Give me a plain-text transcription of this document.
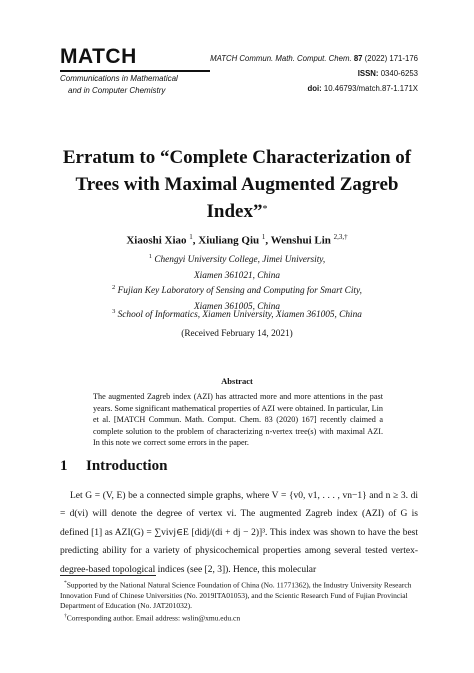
MATCH
Communications in Mathematical
and in Computer Chemistry
MATCH Commun. Math. Comput. Chem. 87 (2022) 171-176
ISSN: 0340-6253
doi: 10.46793/match.87-1.171X
Erratum to “Complete Characterization of
Trees with Maximal Augmented Zagreb
Index”*
Xiaoshi Xiao $^1$, Xiuliang Qiu $^1$, Wenshui Lin $^{2,3,\dagger}$
$^1$ Chengyi University College, Jimei University,
Xiamen 361021, China
$^2$ Fujian Key Laboratory of Sensing and Computing for Smart City,
Xiamen 361005, China
$^3$ School of Informatics, Xiamen University, Xiamen 361005, China
(Received February 14, 2021)
Abstract
The augmented Zagreb index (AZI) has attracted more and more attentions in the past years. Some significant mathematical properties of AZI were obtained. In particular, Lin et al. [MATCH Commun. Math. Comput. Chem. 83 (2020) 167] recently claimed a complete solution to the problem of characterizing n-vertex tree(s) with maximal AZI. In this note we correct some errors in the paper.
1 Introduction

Let G = (V, E) be a connected simple graphs, where V = {v0, v1, . . . , vn−1} and n ≥ 3. di = d(vi) will denote the degree of vertex vi. The augmented Zagreb index (AZI) of G is defined [1] as AZI(G) = ∑vivj∈E [didj/(di + dj − 2)]³. This index was shown to have the best predicting ability for a variety of physicochemical properties among several tested vertex-degree-based topological indices (see [2, 3]). Hence, this molecular

*Supported by the National Natural Science Foundation of China (No. 11771362), the Industry University Research Innovation Fund of Chinese Universities (No. 2019ITA01053), and the Scientic Research Fund of Fujian Provincial Department of Education (No. JAT201032).

†Corresponding author. Email address: wslin@xmu.edu.cn
